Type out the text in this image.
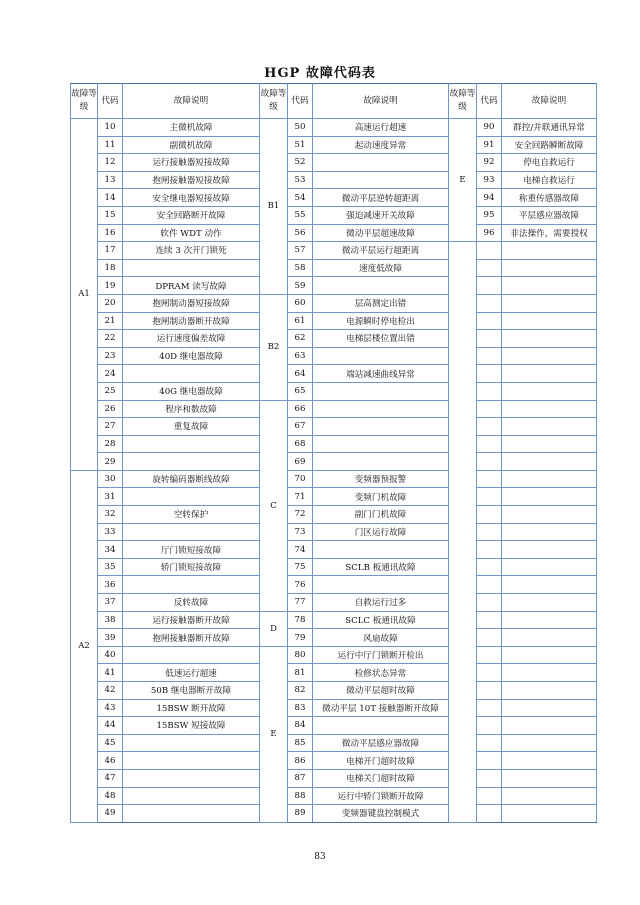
HGP 故障代码表
故障等级	代码	故障说明	故障等级	代码	故障说明	故障等级	代码	故障说明
A1	10	主微机故障	B1	50	高速运行超速	E	90	群控/并联通讯异常
	11	副微机故障		51	起动速度异常		91	安全回路瞬断故障
	12	运行接触器短接故障		52			92	停电自救运行
	13	抱闸接触器短接故障		53			93	电梯自救运行
	14	安全继电器短接故障		54	微动平层逆转超距离		94	称重传感器故障
	15	安全回路断开故障		55	强迫减速开关故障		95	平层感应器故障
	16	软件 WDT 动作		56	微动平层超速故障		96	非法操作，需要授权
	17	连续 3 次开门锁死		57	微动平层运行超距离			
	18			58	速度低故障			
	19	DPRAM 读写故障		59				
	20	抱闸制动器短接故障	B2	60	层高测定出错			
	21	抱闸制动器断开故障		61	电源瞬时停电检出			
	22	运行速度偏差故障		62	电梯层楼位置出错			
	23	40D 继电器故障		63				
	24			64	端站减速曲线异常			
	25	40G 继电器故障		65				
	26	程序和数故障	C	66				
	27	重复故障		67				
	28			68				
	29			69				
A2	30	旋转编码器断线故障		70	变频器预报警			
	31			71	变频门机故障			
	32	空转保护		72	副门门机故障			
	33			73	门区运行故障			
	34	厅门锁短接故障		74				
	35	轿门锁短接故障		75	SCLB 板通讯故障			
	36			76				
	37	反转故障		77	自救运行过多			
	38	运行接触器断开故障	D	78	SCLC 板通讯故障			
	39	抱闸接触器断开故障		79	风扇故障			
	40		E	80	运行中厅门锁断开检出			
	41	低速运行超速		81	检修状态异常			
	42	50B 继电器断开故障		82	微动平层超时故障			
	43	15BSW 断开故障		83	微动平层 10T 接触器断开故障			
	44	15BSW 短接故障		84				
	45			85	微动平层感应器故障			
	46			86	电梯开门超时故障			
	47			87	电梯关门超时故障			
	48			88	运行中轿门锁断开故障			
	49			89	变频器键盘控制模式			
83
